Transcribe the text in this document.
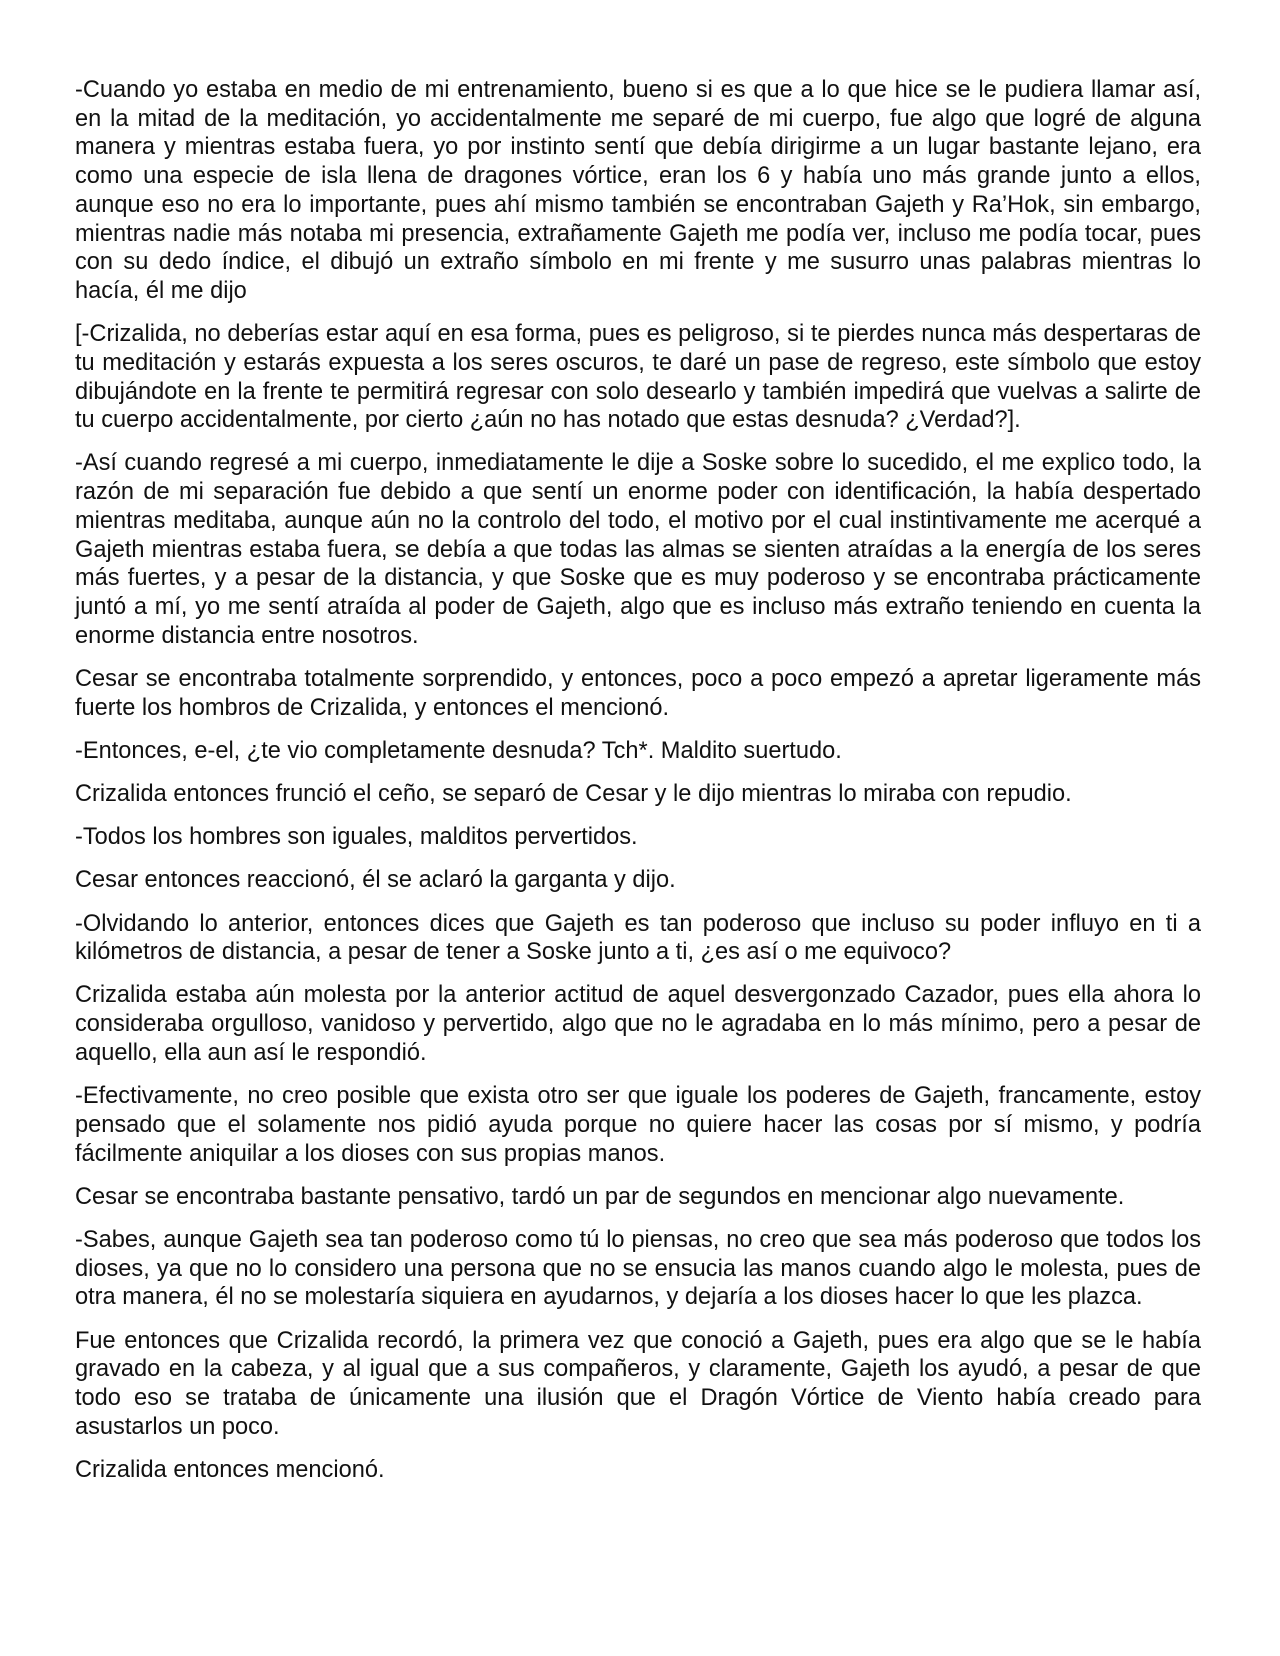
-Cuando yo estaba en medio de mi entrenamiento, bueno si es que a lo que hice se le pudiera llamar así, en la mitad de la meditación, yo accidentalmente me separé de mi cuerpo, fue algo que logré de alguna manera y mientras estaba fuera, yo por instinto sentí que debía dirigirme a un lugar bastante lejano, era como una especie de isla llena de dragones vórtice, eran los 6 y había uno más grande junto a ellos, aunque eso no era lo importante, pues ahí mismo también se encontraban Gajeth y Ra’Hok, sin embargo, mientras nadie más notaba mi presencia, extrañamente Gajeth me podía ver, incluso me podía tocar, pues con su dedo índice, el dibujó un extraño símbolo en mi frente y me susurro unas palabras mientras lo hacía, él me dijo

[-Crizalida, no deberías estar aquí en esa forma, pues es peligroso, si te pierdes nunca más despertaras de tu meditación y estarás expuesta a los seres oscuros, te daré un pase de regreso, este símbolo que estoy dibujándote en la frente te permitirá regresar con solo desearlo y también impedirá que vuelvas a salirte de tu cuerpo accidentalmente, por cierto ¿aún no has notado que estas desnuda? ¿Verdad?].

-Así cuando regresé a mi cuerpo, inmediatamente le dije a Soske sobre lo sucedido, el me explico todo, la razón de mi separación fue debido a que sentí un enorme poder con identificación, la había despertado mientras meditaba, aunque aún no la controlo del todo, el motivo por el cual instintivamente me acerqué a Gajeth mientras estaba fuera, se debía a que todas las almas se sienten atraídas a la energía de los seres más fuertes, y a pesar de la distancia, y que Soske que es muy poderoso y se encontraba prácticamente juntó a mí, yo me sentí atraída al poder de Gajeth, algo que es incluso más extraño teniendo en cuenta la enorme distancia entre nosotros.

Cesar se encontraba totalmente sorprendido, y entonces, poco a poco empezó a apretar ligeramente más fuerte los hombros de Crizalida, y entonces el mencionó.

-Entonces, e-el, ¿te vio completamente desnuda? Tch*. Maldito suertudo.

Crizalida entonces frunció el ceño, se separó de Cesar y le dijo mientras lo miraba con repudio.

-Todos los hombres son iguales, malditos pervertidos.

Cesar entonces reaccionó, él se aclaró la garganta y dijo.

-Olvidando lo anterior, entonces dices que Gajeth es tan poderoso que incluso su poder influyo en ti a kilómetros de distancia, a pesar de tener a Soske junto a ti, ¿es así o me equivoco?

Crizalida estaba aún molesta por la anterior actitud de aquel desvergonzado Cazador, pues ella ahora lo consideraba orgulloso, vanidoso y pervertido, algo que no le agradaba en lo más mínimo, pero a pesar de aquello, ella aun así le respondió.

-Efectivamente, no creo posible que exista otro ser que iguale los poderes de Gajeth, francamente, estoy pensado que el solamente nos pidió ayuda porque no quiere hacer las cosas por sí mismo, y podría fácilmente aniquilar a los dioses con sus propias manos.

Cesar se encontraba bastante pensativo, tardó un par de segundos en mencionar algo nuevamente.

-Sabes, aunque Gajeth sea tan poderoso como tú lo piensas, no creo que sea más poderoso que todos los dioses, ya que no lo considero una persona que no se ensucia las manos cuando algo le molesta, pues de otra manera, él no se molestaría siquiera en ayudarnos, y dejaría a los dioses hacer lo que les plazca.

Fue entonces que Crizalida recordó, la primera vez que conoció a Gajeth, pues era algo que se le había gravado en la cabeza, y al igual que a sus compañeros, y claramente, Gajeth los ayudó, a pesar de que todo eso se trataba de únicamente una ilusión que el Dragón Vórtice de Viento había creado para asustarlos un poco.

Crizalida entonces mencionó.
